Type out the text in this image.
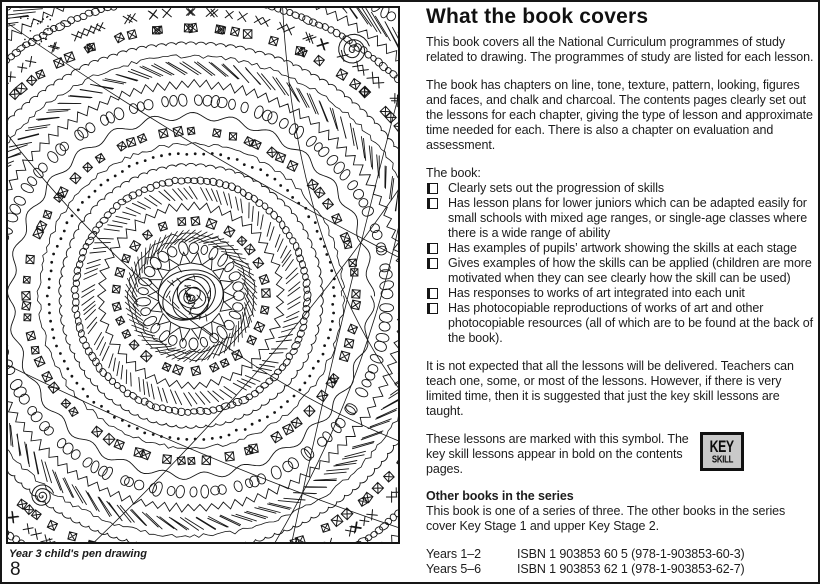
Year 3 child's pen drawing
8
What the book covers

This book covers all the National Curriculum programmes of study related to drawing. The programmes of study are listed for each lesson.

The book has chapters on line, tone, texture, pattern, looking, figures and faces, and chalk and charcoal. The contents pages clearly set out the lessons for each chapter, giving the type of lesson and approximate time needed for each. There is also a chapter on evaluation and assessment.

The book:

Clearly sets out the progression of skills
Has lesson plans for lower juniors which can be adapted easily for small schools with mixed age ranges, or single-age classes where there is a wide range of ability
Has examples of pupils’ artwork showing the skills at each stage
Gives examples of how the skills can be applied (children are more motivated when they can see clearly how the skill can be used)
Has responses to works of art integrated into each unit
Has photocopiable reproductions of works of art and other photocopiable resources (all of which are to be found at the back of the book).

It is not expected that all the lessons will be delivered. Teachers can teach one, some, or most of the lessons. However, if there is very limited time, then it is suggested that just the key skill lessons are taught.

These lessons are marked with this symbol. The key skill lessons appear in bold on the contents pages.
KEY
SKILL

Other books in the series

This book is one of a series of three. The other books in the series cover Key Stage 1 and upper Key Stage 2.

Years 1–2	ISBN 1 903853 60 5 (978-1-903853-60-3)
Years 5–6	ISBN 1 903853 62 1 (978-1-903853-62-7)
